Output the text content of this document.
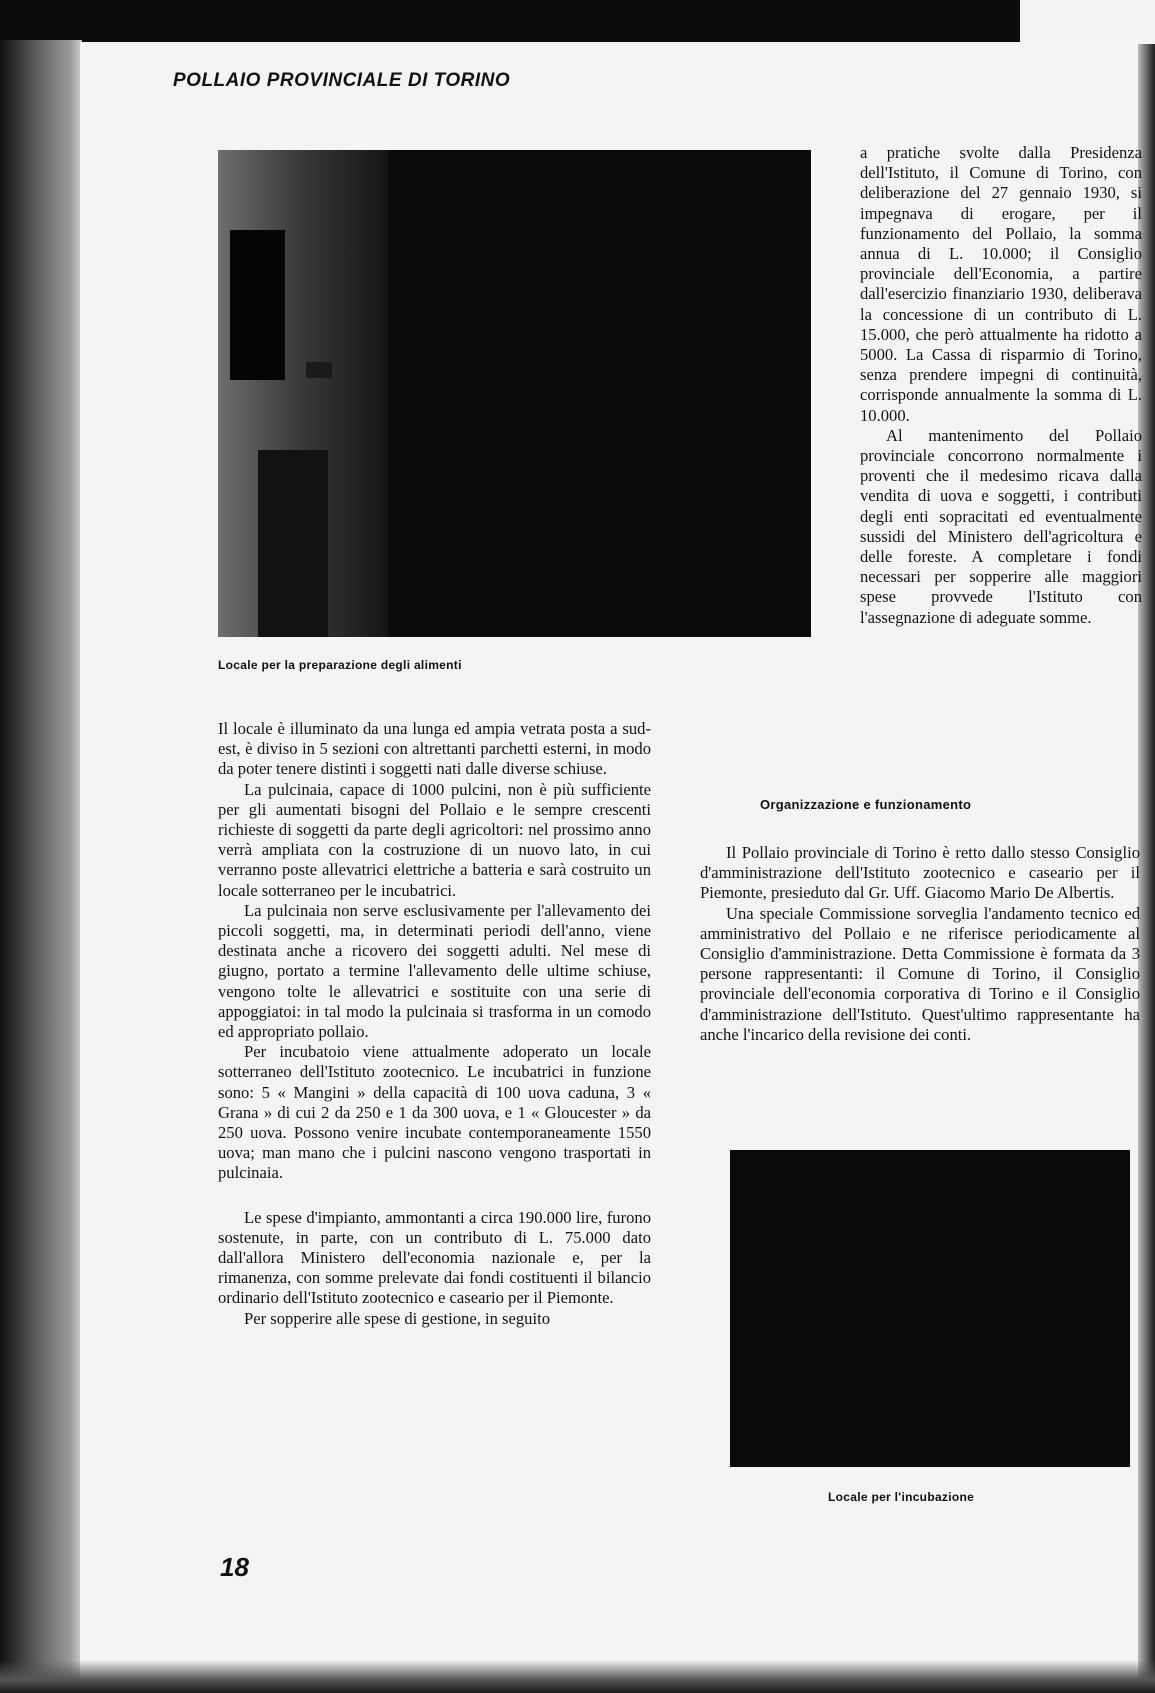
POLLAIO PROVINCIALE DI TORINO
Locale per la preparazione degli alimenti

Il locale è illuminato da una lunga ed ampia vetrata posta a sud-est, è diviso in 5 sezioni con altrettanti parchetti esterni, in modo da poter tenere distinti i soggetti nati dalle diverse schiuse.

La pulcinaia, capace di 1000 pulcini, non è più sufficiente per gli aumentati bisogni del Pollaio e le sempre crescenti richieste di soggetti da parte degli agricoltori: nel prossimo anno verrà ampliata con la costruzione di un nuovo lato, in cui verranno poste allevatrici elettriche a batteria e sarà costruito un locale sotterraneo per le incubatrici.

La pulcinaia non serve esclusivamente per l'allevamento dei piccoli soggetti, ma, in determinati periodi dell'anno, viene destinata anche a ricovero dei soggetti adulti. Nel mese di giugno, portato a termine l'allevamento delle ultime schiuse, vengono tolte le allevatrici e sostituite con una serie di appoggiatoi: in tal modo la pulcinaia si trasforma in un comodo ed appropriato pollaio.

Per incubatoio viene attualmente adoperato un locale sotterraneo dell'Istituto zootecnico. Le incubatrici in funzione sono: 5 « Mangini » della capacità di 100 uova caduna, 3 « Grana » di cui 2 da 250 e 1 da 300 uova, e 1 « Gloucester » da 250 uova. Possono venire incubate contemporaneamente 1550 uova; man mano che i pulcini nascono vengono trasportati in pulcinaia.

Le spese d'impianto, ammontanti a circa 190.000 lire, furono sostenute, in parte, con un contributo di L. 75.000 dato dall'allora Ministero dell'economia nazionale e, per la rimanenza, con somme prelevate dai fondi costituenti il bilancio ordinario dell'Istituto zootecnico e caseario per il Piemonte.

Per sopperire alle spese di gestione, in seguito

a pratiche svolte dalla Presidenza dell'Istituto, il Comune di Torino, con deliberazione del 27 gennaio 1930, si impegnava di erogare, per il funzionamento del Pollaio, la somma annua di L. 10.000; il Consiglio provinciale dell'Economia, a partire dall'esercizio finanziario 1930, deliberava la concessione di un contributo di L. 15.000, che però attualmente ha ridotto a 5000. La Cassa di risparmio di Torino, senza prendere impegni di continuità, corrisponde annualmente la somma di L. 10.000.

Al mantenimento del Pollaio provinciale concorrono normalmente i proventi che il medesimo ricava dalla vendita di uova e soggetti, i contributi degli enti sopracitati ed eventualmente sussidi del Ministero dell'agricoltura e delle foreste. A completare i fondi necessari per sopperire alle maggiori spese provvede l'Istituto con l'assegnazione di adeguate somme.

Organizzazione e funzionamento

Il Pollaio provinciale di Torino è retto dallo stesso Consiglio d'amministrazione dell'Istituto zootecnico e caseario per il Piemonte, presieduto dal Gr. Uff. Giacomo Mario De Albertis.

Una speciale Commissione sorveglia l'andamento tecnico ed amministrativo del Pollaio e ne riferisce periodicamente al Consiglio d'amministrazione. Detta Commissione è formata da 3 persone rappresentanti: il Comune di Torino, il Consiglio provinciale dell'economia corporativa di Torino e il Consiglio d'amministrazione dell'Istituto. Quest'ultimo rappresentante ha anche l'incarico della revisione dei conti.

Locale per l'incubazione
18
